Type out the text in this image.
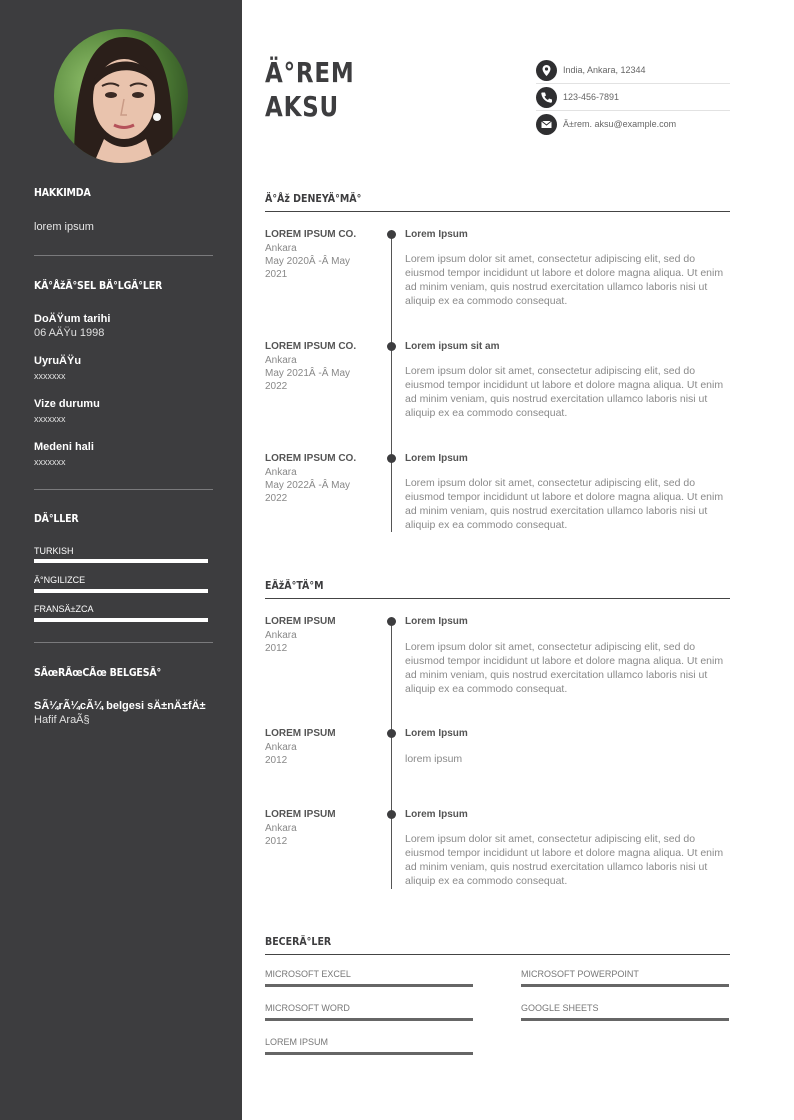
HAKKIMDA
lorem ipsum
KÄ°ÅžÄ°SEL BÄ°LGÄ°LER
DoÄŸum tarihi
06 AÄŸu 1998
UyruÄŸu
xxxxxxx
Vize durumu
xxxxxxx
Medeni hali
xxxxxxx
DÄ°LLER
TURKISH
Ä°NGILIZCE
FRANSÄ±ZCA
SÃœRÃœCÃœ BELGESÄ°
SÃ¼rÃ¼cÃ¼ belgesi sÄ±nÄ±fÄ±
Hafif AraÃ§
Ä°REM
AKSU
India, Ankara, 12344
123-456-7891
Ä±rem. aksu@example.com
Ä°Åž DENEYÄ°MÄ°
LOREM IPSUM CO.
Ankara
May 2020Â -Â May 2021
Lorem Ipsum
Lorem ipsum dolor sit amet, consectetur adipiscing elit, sed do eiusmod tempor incididunt ut labore et dolore magna aliqua. Ut enim ad minim veniam, quis nostrud exercitation ullamco laboris nisi ut aliquip ex ea commodo consequat.
LOREM IPSUM CO.
Ankara
May 2021Â -Â May 2022
Lorem ipsum sit am
Lorem ipsum dolor sit amet, consectetur adipiscing elit, sed do eiusmod tempor incididunt ut labore et dolore magna aliqua. Ut enim ad minim veniam, quis nostrud exercitation ullamco laboris nisi ut aliquip ex ea commodo consequat.
LOREM IPSUM CO.
Ankara
May 2022Â -Â May 2022
Lorem Ipsum
Lorem ipsum dolor sit amet, consectetur adipiscing elit, sed do eiusmod tempor incididunt ut labore et dolore magna aliqua. Ut enim ad minim veniam, quis nostrud exercitation ullamco laboris nisi ut aliquip ex ea commodo consequat.
EÄžÄ°TÄ°M
LOREM IPSUM
Ankara
2012
Lorem Ipsum
Lorem ipsum dolor sit amet, consectetur adipiscing elit, sed do eiusmod tempor incididunt ut labore et dolore magna aliqua. Ut enim ad minim veniam, quis nostrud exercitation ullamco laboris nisi ut aliquip ex ea commodo consequat.
LOREM IPSUM
Ankara
2012
Lorem Ipsum
lorem ipsum
LOREM IPSUM
Ankara
2012
Lorem Ipsum
Lorem ipsum dolor sit amet, consectetur adipiscing elit, sed do eiusmod tempor incididunt ut labore et dolore magna aliqua. Ut enim ad minim veniam, quis nostrud exercitation ullamco laboris nisi ut aliquip ex ea commodo consequat.
BECERÄ°LER
MICROSOFT EXCEL	MICROSOFT POWERPOINT
MICROSOFT WORD	GOOGLE SHEETS
LOREM IPSUM
